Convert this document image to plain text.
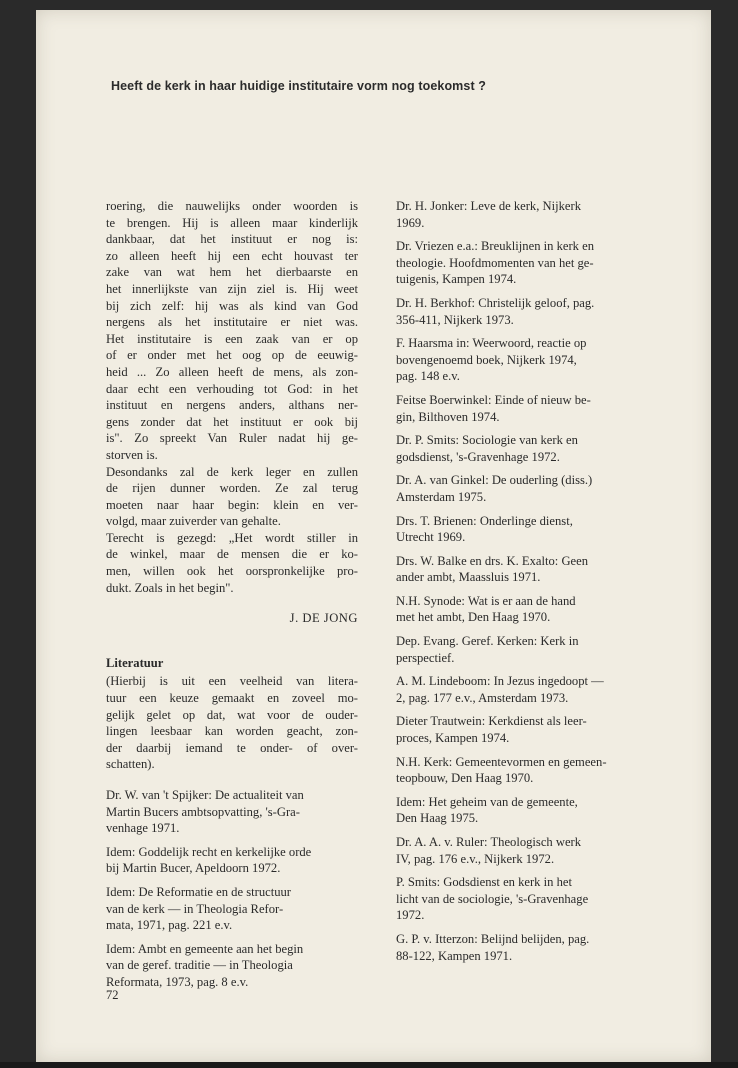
Heeft de kerk in haar huidige institutaire vorm nog toekomst ?
roering, die nauwelijks onder woorden is
te brengen. Hij is alleen maar kinderlijk
dankbaar, dat het instituut er nog is:
zo alleen heeft hij een echt houvast ter
zake van wat hem het dierbaarste en
het innerlijkste van zijn ziel is. Hij weet
bij zich zelf: hij was als kind van God
nergens als het institutaire er niet was.
Het institutaire is een zaak van er op
of er onder met het oog op de eeuwig-
heid ... Zo alleen heeft de mens, als zon-
daar echt een verhouding tot God: in het
instituut en nergens anders, althans ner-
gens zonder dat het instituut er ook bij
is". Zo spreekt Van Ruler nadat hij ge-
storven is.
Desondanks zal de kerk leger en zullen
de rijen dunner worden. Ze zal terug
moeten naar haar begin: klein en ver-
volgd, maar zuiverder van gehalte.
Terecht is gezegd: „Het wordt stiller in
de winkel, maar de mensen die er ko-
men, willen ook het oorspronkelijke pro-
dukt. Zoals in het begin".
J. DE JONG
Literatuur
(Hierbij is uit een veelheid van litera-
tuur een keuze gemaakt en zoveel mo-
gelijk gelet op dat, wat voor de ouder-
lingen leesbaar kan worden geacht, zon-
der daarbij iemand te onder- of over-
schatten).
Dr. W. van 't Spijker: De actualiteit van
Martin Bucers ambtsopvatting, 's-Gra-
venhage 1971.
Idem: Goddelijk recht en kerkelijke orde
bij Martin Bucer, Apeldoorn 1972.
Idem: De Reformatie en de structuur
van de kerk — in Theologia Refor-
mata, 1971, pag. 221 e.v.
Idem: Ambt en gemeente aan het begin
van de geref. traditie — in Theologia
Reformata, 1973, pag. 8 e.v.
Dr. H. Jonker: Leve de kerk, Nijkerk
1969.
Dr. Vriezen e.a.: Breuklijnen in kerk en
theologie. Hoofdmomenten van het ge-
tuigenis, Kampen 1974.
Dr. H. Berkhof: Christelijk geloof, pag.
356-411, Nijkerk 1973.
F. Haarsma in: Weerwoord, reactie op
bovengenoemd boek, Nijkerk 1974,
pag. 148 e.v.
Feitse Boerwinkel: Einde of nieuw be-
gin, Bilthoven 1974.
Dr. P. Smits: Sociologie van kerk en
godsdienst, 's-Gravenhage 1972.
Dr. A. van Ginkel: De ouderling (diss.)
Amsterdam 1975.
Drs. T. Brienen: Onderlinge dienst,
Utrecht 1969.
Drs. W. Balke en drs. K. Exalto: Geen
ander ambt, Maassluis 1971.
N.H. Synode: Wat is er aan de hand
met het ambt, Den Haag 1970.
Dep. Evang. Geref. Kerken: Kerk in
perspectief.
A. M. Lindeboom: In Jezus ingedoopt —
2, pag. 177 e.v., Amsterdam 1973.
Dieter Trautwein: Kerkdienst als leer-
proces, Kampen 1974.
N.H. Kerk: Gemeentevormen en gemeen-
teopbouw, Den Haag 1970.
Idem: Het geheim van de gemeente,
Den Haag 1975.
Dr. A. A. v. Ruler: Theologisch werk
IV, pag. 176 e.v., Nijkerk 1972.
P. Smits: Godsdienst en kerk in het
licht van de sociologie, 's-Gravenhage
1972.
G. P. v. Itterzon: Belijnd belijden, pag.
88-122, Kampen 1971.
72
